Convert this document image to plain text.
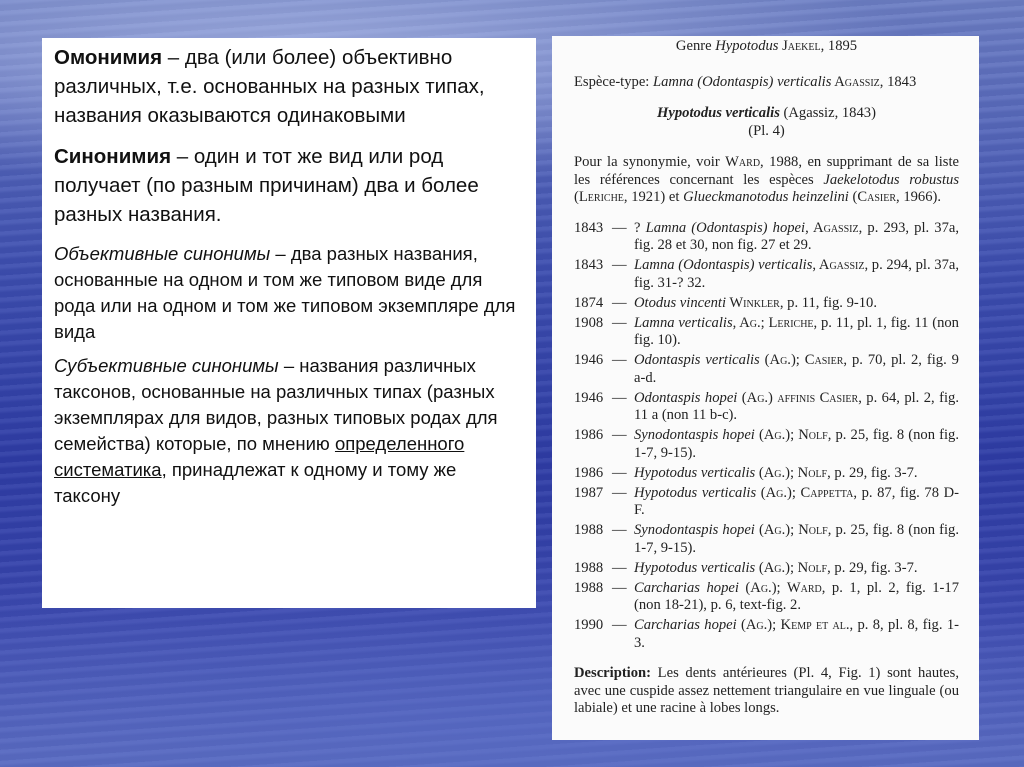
Омонимия – два (или более) объективно различных, т.е. основанных на разных типах, названия оказываются одинаковыми

Синонимия – один и тот же вид или род получает (по разным причинам) два и более разных названия.

Объективные синонимы – два разных названия, основанные на одном и том же типовом виде для рода или на одном и том же типовом экземпляре для вида

Субъективные синонимы – названия различных таксонов, основанные на различных типах (разных экземплярах для видов, разных типовых родах для семейства) которые, по мнению определенного систематика, принадлежат к одному и тому же таксону

Genre Hypotodus Jaekel, 1895

Espèce-type: Lamna (Odontaspis) verticalis Agassiz, 1843

Hypotodus verticalis (Agassiz, 1843)

(Pl. 4)

Pour la synonymie, voir Ward, 1988, en supprimant de sa liste les références concernant les espèces Jaekelotodus robustus (Leriche, 1921) et Glueckmanotodus heinzelini (Casier, 1966).

1843 — ? Lamna (Odontaspis) hopei, Agassiz, p. 293, pl. 37a, fig. 28 et 30, non fig. 27 et 29.
1843 — Lamna (Odontaspis) verticalis, Agassiz, p. 294, pl. 37a, fig. 31-? 32.
1874 — Otodus vincenti Winkler, p. 11, fig. 9-10.
1908 — Lamna verticalis, Ag.; Leriche, p. 11, pl. 1, fig. 11 (non fig. 10).
1946 — Odontaspis verticalis (Ag.); Casier, p. 70, pl. 2, fig. 9 a-d.
1946 — Odontaspis hopei (Ag.) affinis Casier, p. 64, pl. 2, fig. 11 a (non 11 b-c).
1986 — Synodontaspis hopei (Ag.); Nolf, p. 25, fig. 8 (non fig. 1-7, 9-15).
1986 — Hypotodus verticalis (Ag.); Nolf, p. 29, fig. 3-7.
1987 — Hypotodus verticalis (Ag.); Cappetta, p. 87, fig. 78 D-F.
1988 — Synodontaspis hopei (Ag.); Nolf, p. 25, fig. 8 (non fig. 1-7, 9-15).
1988 — Hypotodus verticalis (Ag.); Nolf, p. 29, fig. 3-7.
1988 — Carcharias hopei (Ag.); Ward, p. 1, pl. 2, fig. 1-17 (non 18-21), p. 6, text-fig. 2.
1990 — Carcharias hopei (Ag.); Kemp et al., p. 8, pl. 8, fig. 1-3.

Description: Les dents antérieures (Pl. 4, Fig. 1) sont hautes, avec une cuspide assez nettement triangulaire en vue linguale (ou labiale) et une racine à lobes longs.
